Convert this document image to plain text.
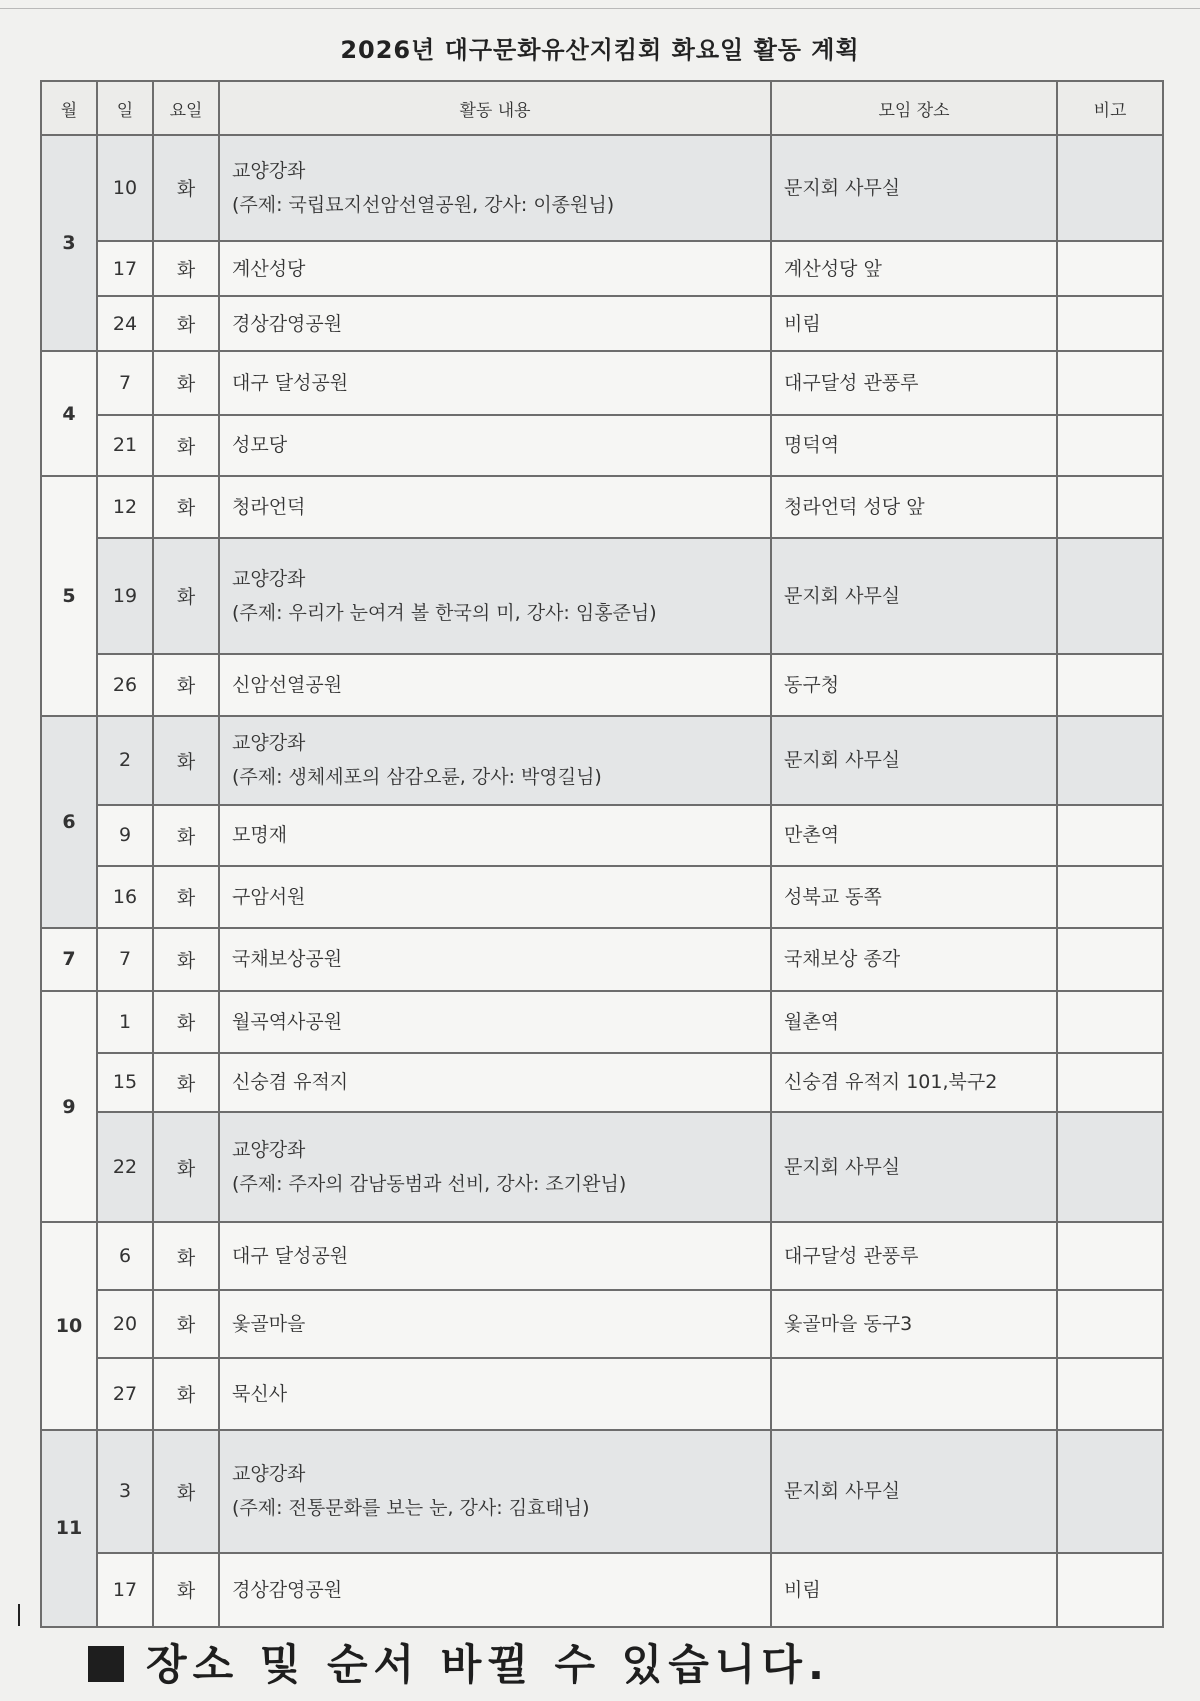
2026년 대구문화유산지킴회 화요일 활동 계획
월	일	요일	활동 내용	모임 장소	비고
3	10	화	교양강좌
(주제: 국립묘지선암선열공원, 강사: 이종원님)	문지회 사무실	
	17	화	계산성당	계산성당 앞	
	24	화	경상감영공원	비림	
4	7	화	대구 달성공원	대구달성 관풍루	
	21	화	성모당	명덕역	
5	12	화	청라언덕	청라언덕 성당 앞	
	19	화	교양강좌
(주제: 우리가 눈여겨 볼 한국의 미, 강사: 임홍준님)	문지회 사무실	
	26	화	신암선열공원	동구청	
6	2	화	교양강좌
(주제: 생체세포의 삼감오륜, 강사: 박영길님)	문지회 사무실	
	9	화	모명재	만촌역	
	16	화	구암서원	성북교 동쪽	
7	7	화	국채보상공원	국채보상 종각	
9	1	화	월곡역사공원	월촌역	
	15	화	신숭겸 유적지	신숭겸 유적지 101,북구2	
	22	화	교양강좌
(주제: 주자의 감남동범과 선비, 강사: 조기완님)	문지회 사무실	
10	6	화	대구 달성공원	대구달성 관풍루	
	20	화	옻골마을	옻골마을 동구3	
	27	화	묵신사		
11	3	화	교양강좌
(주제: 전통문화를 보는 눈, 강사: 김효태님)	문지회 사무실	
	17	화	경상감영공원	비림	
장소 및 순서 바뀔 수 있습니다.
